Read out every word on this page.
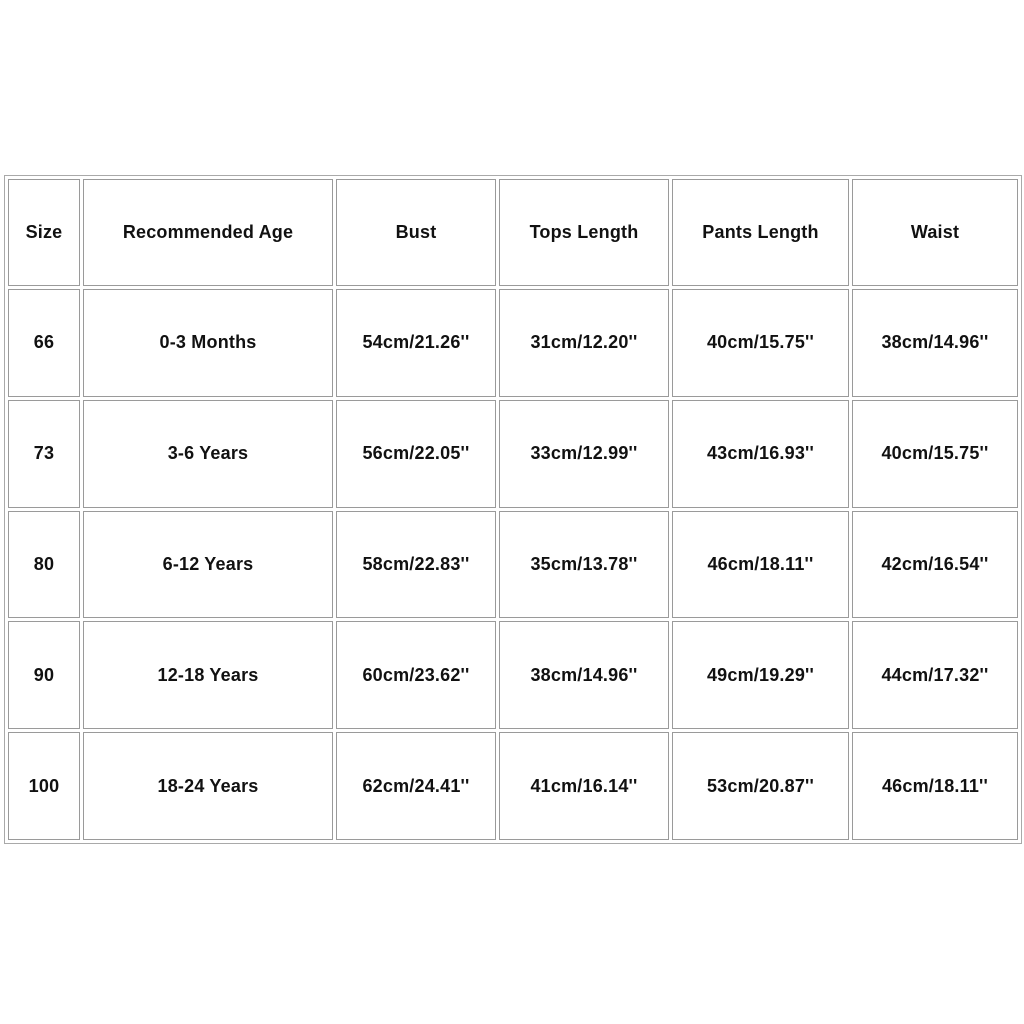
Size	Recommended Age	Bust	Tops Length	Pants Length	Waist
66	0-3 Months	54cm/21.26''	31cm/12.20''	40cm/15.75''	38cm/14.96''
73	3-6 Years	56cm/22.05''	33cm/12.99''	43cm/16.93''	40cm/15.75''
80	6-12 Years	58cm/22.83''	35cm/13.78''	46cm/18.11''	42cm/16.54''
90	12-18 Years	60cm/23.62''	38cm/14.96''	49cm/19.29''	44cm/17.32''
100	18-24 Years	62cm/24.41''	41cm/16.14''	53cm/20.87''	46cm/18.11''
